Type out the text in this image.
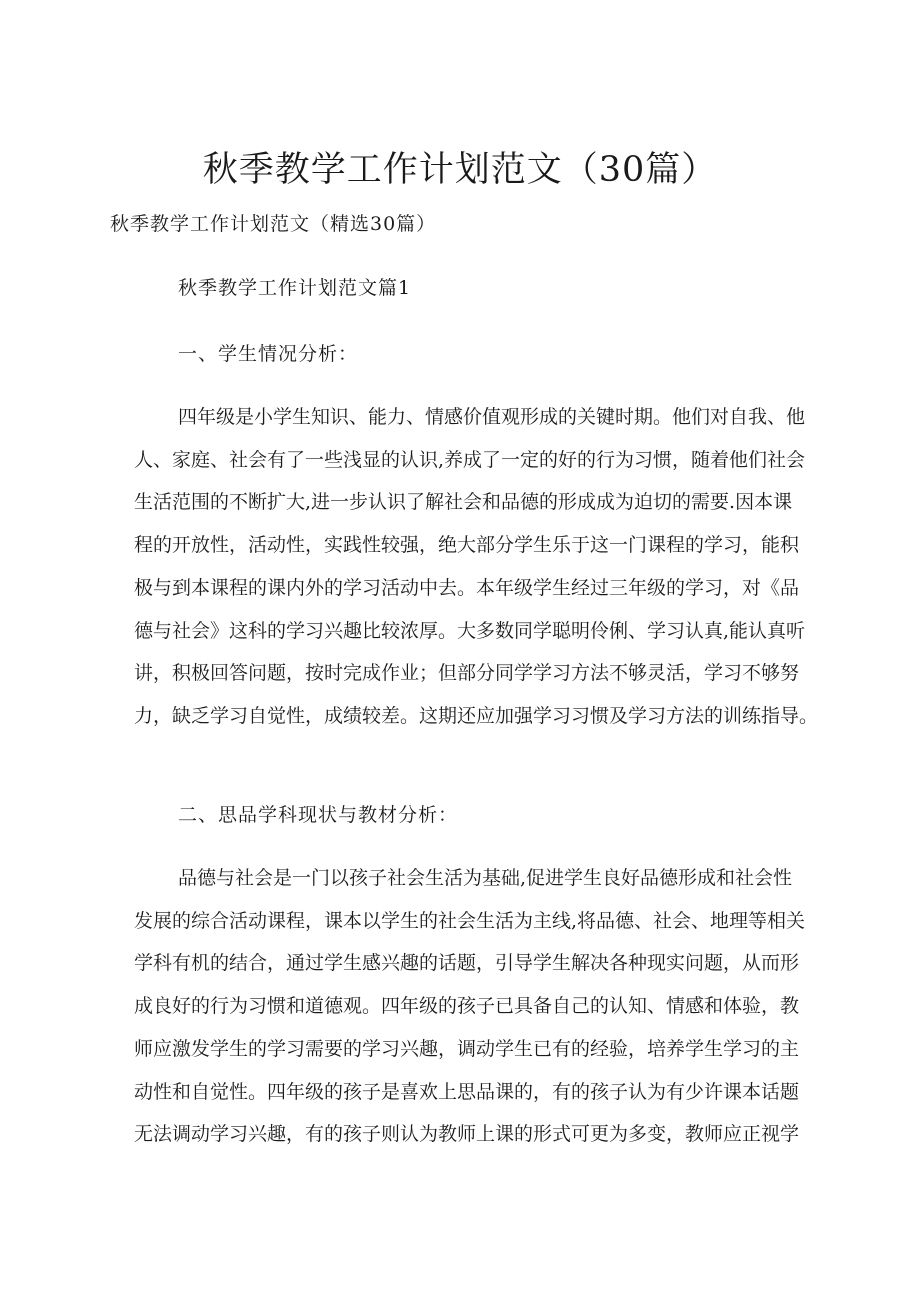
秋季教学工作计划范文（30篇）

秋季教学工作计划范文（精选30篇）

秋季教学工作计划范文篇1
一、学生情况分析：
四年级是小学生知识、能力、情感价值观形成的关键时期。他们对自我、他
人、家庭、社会有了一些浅显的认识,养成了一定的好的行为习惯，随着他们社会
生活范围的不断扩大,进一步认识了解社会和品德的形成成为迫切的需要.因本课
程的开放性，活动性，实践性较强，绝大部分学生乐于这一门课程的学习，能积
极与到本课程的课内外的学习活动中去。本年级学生经过三年级的学习，对《品
德与社会》这科的学习兴趣比较浓厚。大多数同学聪明伶俐、学习认真,能认真听
讲，积极回答问题，按时完成作业；但部分同学学习方法不够灵活，学习不够努
力，缺乏学习自觉性，成绩较差。这期还应加强学习习惯及学习方法的训练指导。
二、思品学科现状与教材分析：
品德与社会是一门以孩子社会生活为基础,促进学生良好品德形成和社会性
发展的综合活动课程，课本以学生的社会生活为主线,将品德、社会、地理等相关
学科有机的结合，通过学生感兴趣的话题，引导学生解决各种现实问题，从而形
成良好的行为习惯和道德观。四年级的孩子已具备自己的认知、情感和体验，教
师应激发学生的学习需要的学习兴趣，调动学生已有的经验，培养学生学习的主
动性和自觉性。四年级的孩子是喜欢上思品课的，有的孩子认为有少许课本话题
无法调动学习兴趣，有的孩子则认为教师上课的形式可更为多变，教师应正视学
